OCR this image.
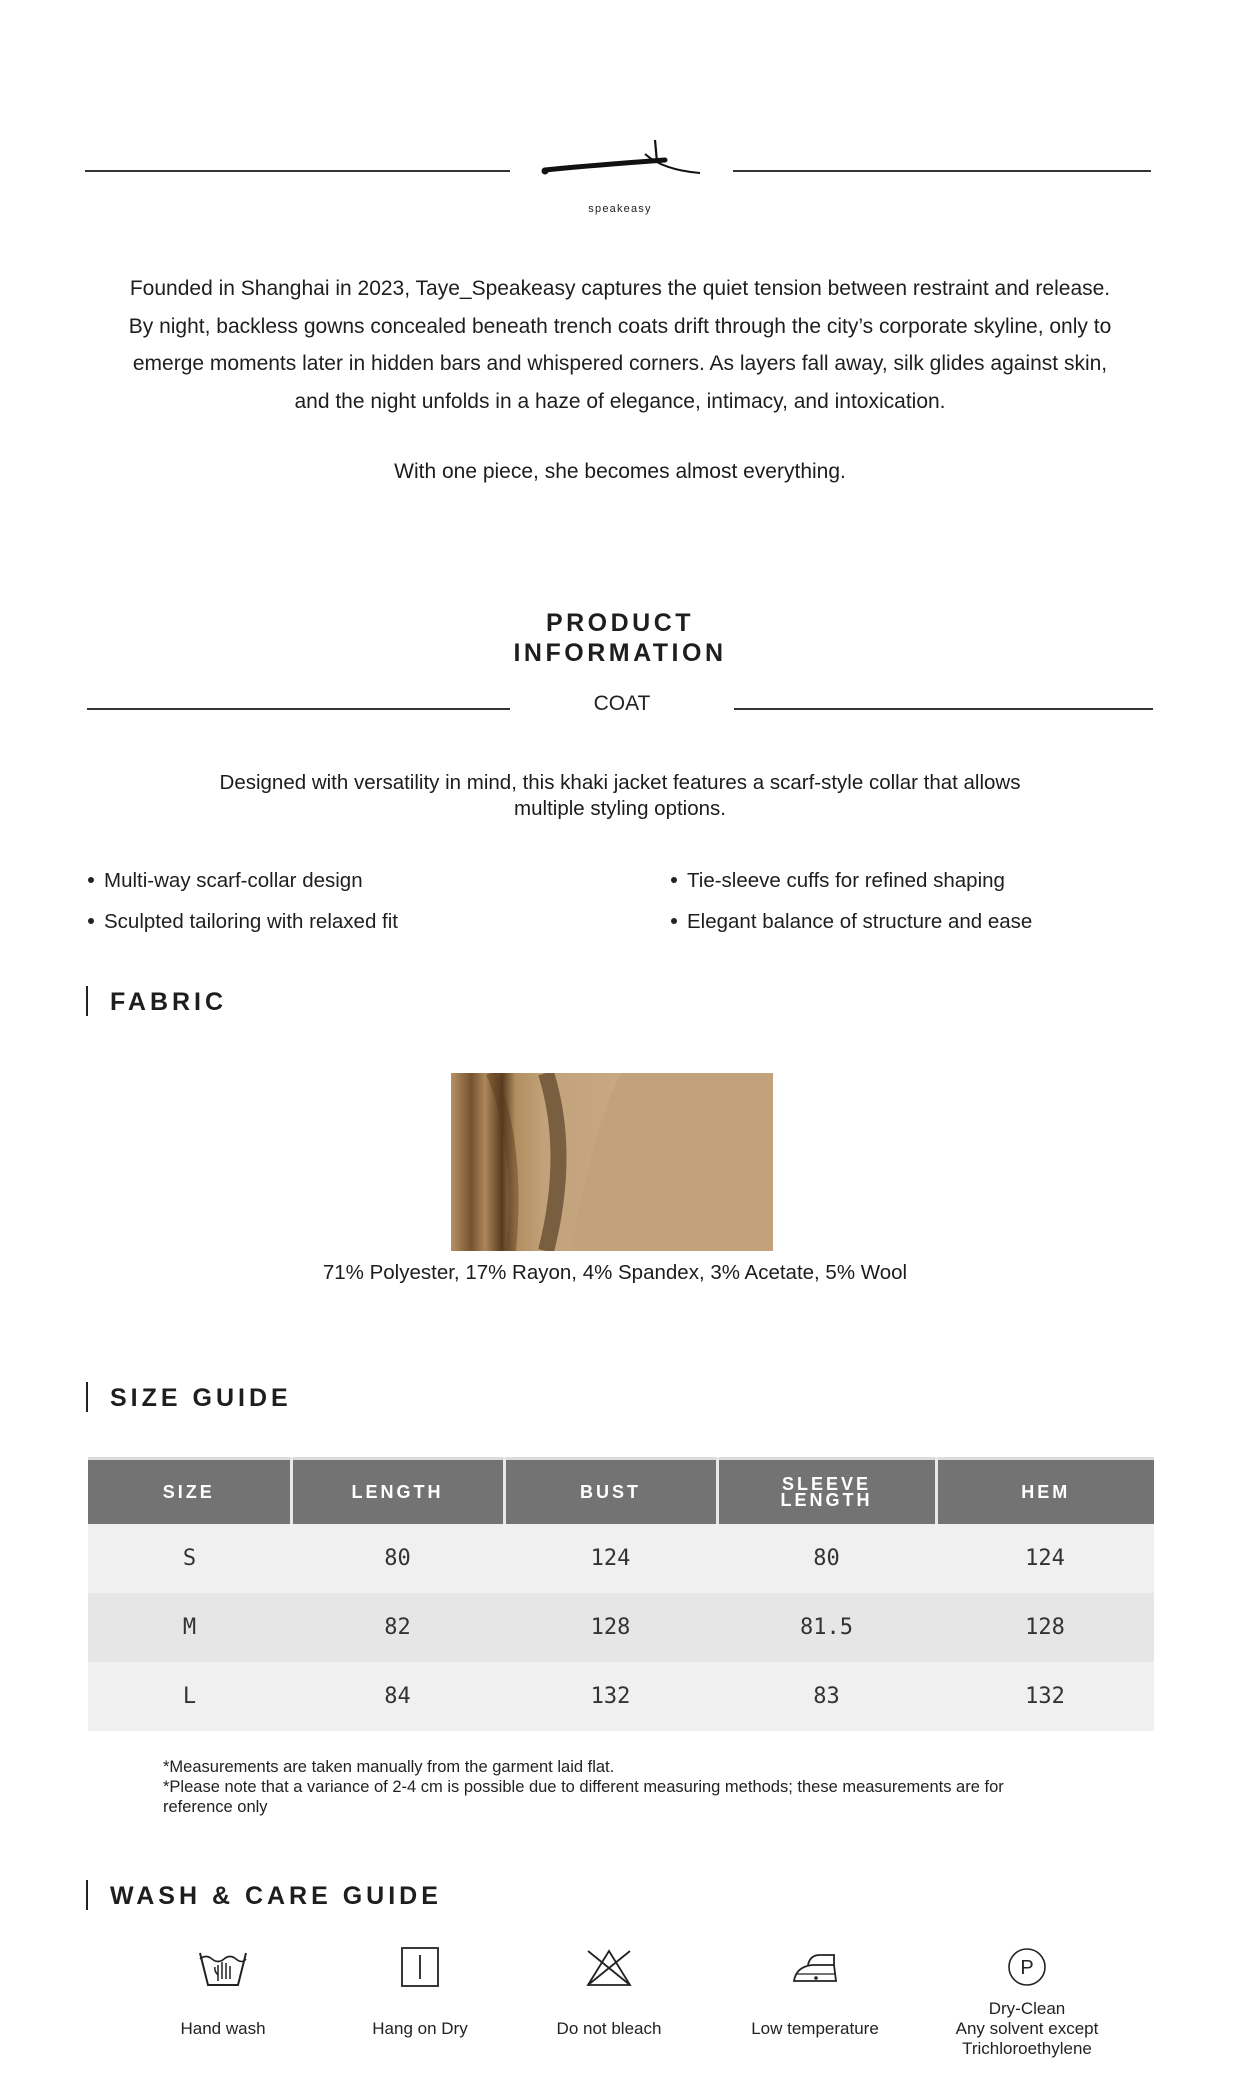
speakeasy
Founded in Shanghai in 2023, Taye_Speakeasy captures the quiet tension between restraint and release.
By night, backless gowns concealed beneath trench coats drift through the city’s corporate skyline, only to
emerge moments later in hidden bars and whispered corners. As layers fall away, silk glides against skin,
and the night unfolds in a haze of elegance, intimacy, and intoxication.
With one piece, she becomes almost everything.
PRODUCT
INFORMATION
COAT
Designed with versatility in mind, this khaki jacket features a scarf-style collar that allows
multiple styling options.
Multi-way scarf-collar design
Sculpted tailoring with relaxed fit
Tie-sleeve cuffs for refined shaping
Elegant balance of structure and ease
FABRIC
71% Polyester, 17% Rayon, 4% Spandex, 3% Acetate, 5% Wool
SIZE GUIDE
SIZE	LENGTH	BUST	SLEEVE LENGTH	HEM
S	80	124	80	124
M	82	128	81.5	128
L	84	132	83	132
*Measurements are taken manually from the garment laid flat.
*Please note that a variance of 2-4 cm is possible due to different measuring methods; these measurements are for
reference only
WASH & CARE GUIDE
Hand wash	Hang on Dry	Do not bleach	Low temperature
P
Dry-Clean
Any solvent except
Trichloroethylene
